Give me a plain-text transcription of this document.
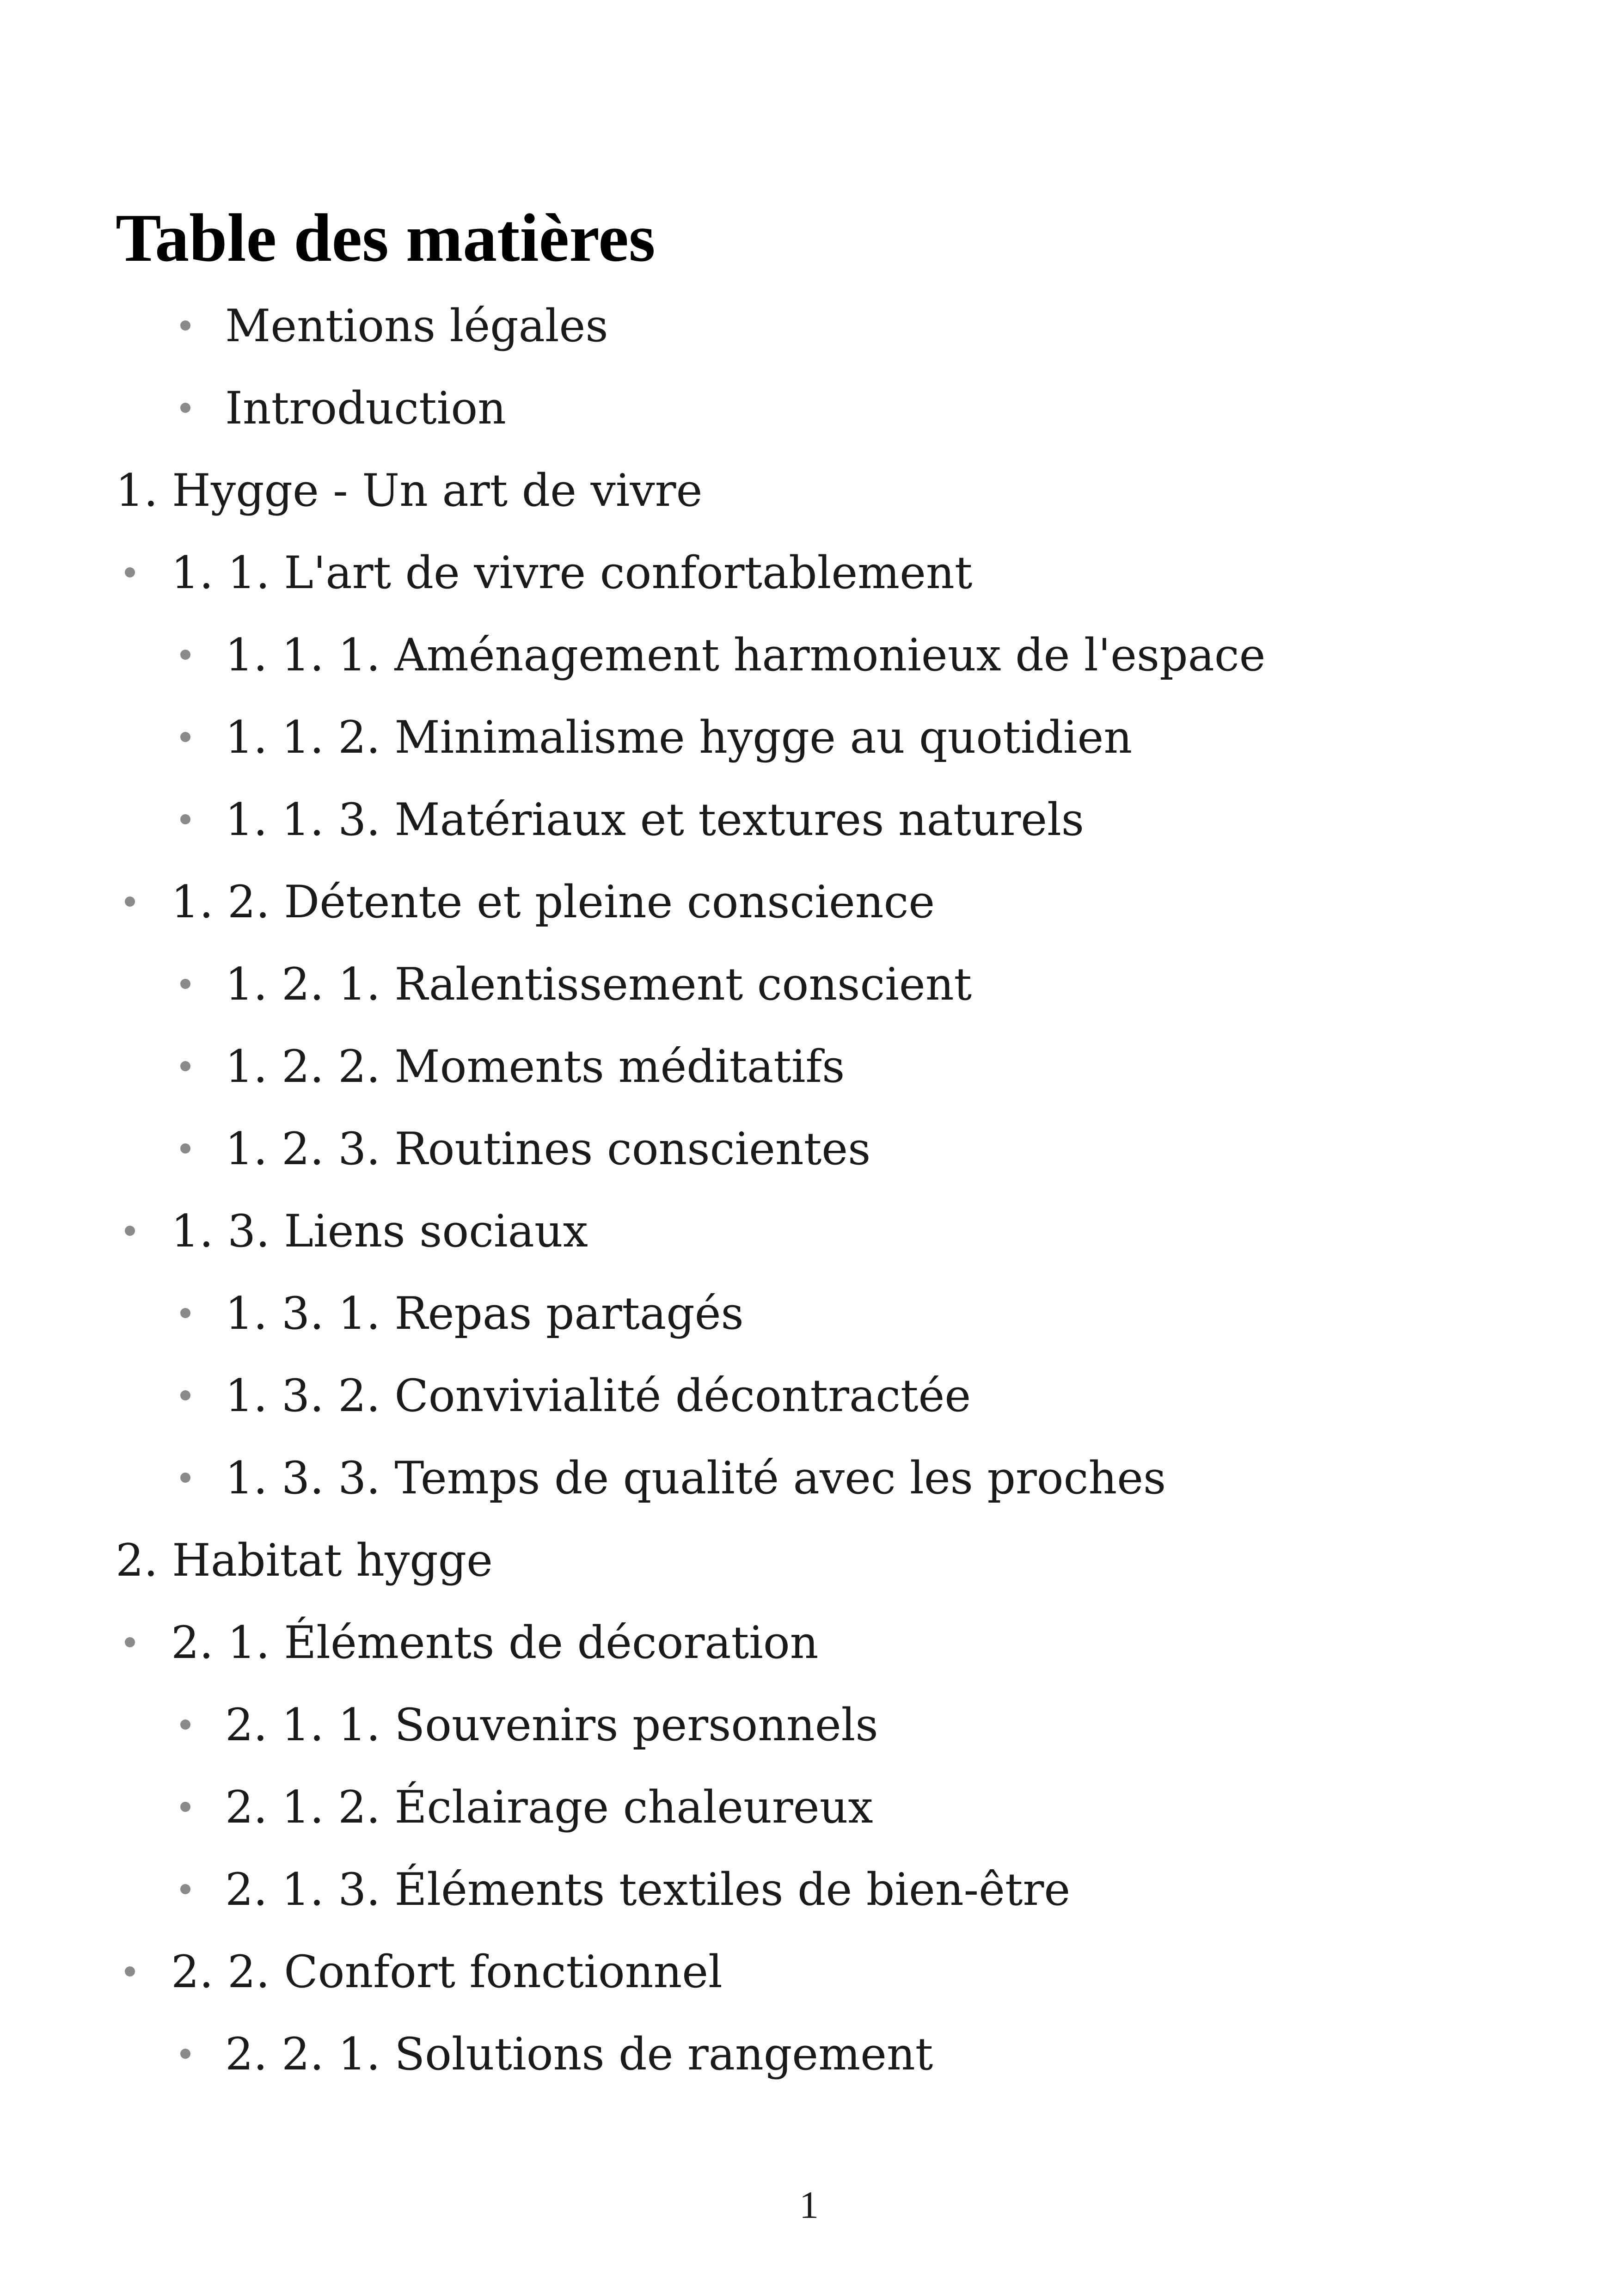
Table des matières
Mentions légales
Introduction
1. Hygge - Un art de vivre
1. 1. L'art de vivre confortablement
1. 1. 1. Aménagement harmonieux de l'espace
1. 1. 2. Minimalisme hygge au quotidien
1. 1. 3. Matériaux et textures naturels
1. 2. Détente et pleine conscience
1. 2. 1. Ralentissement conscient
1. 2. 2. Moments méditatifs
1. 2. 3. Routines conscientes
1. 3. Liens sociaux
1. 3. 1. Repas partagés
1. 3. 2. Convivialité décontractée
1. 3. 3. Temps de qualité avec les proches
2. Habitat hygge
2. 1. Éléments de décoration
2. 1. 1. Souvenirs personnels
2. 1. 2. Éclairage chaleureux
2. 1. 3. Éléments textiles de bien-être
2. 2. Confort fonctionnel
2. 2. 1. Solutions de rangement
1
